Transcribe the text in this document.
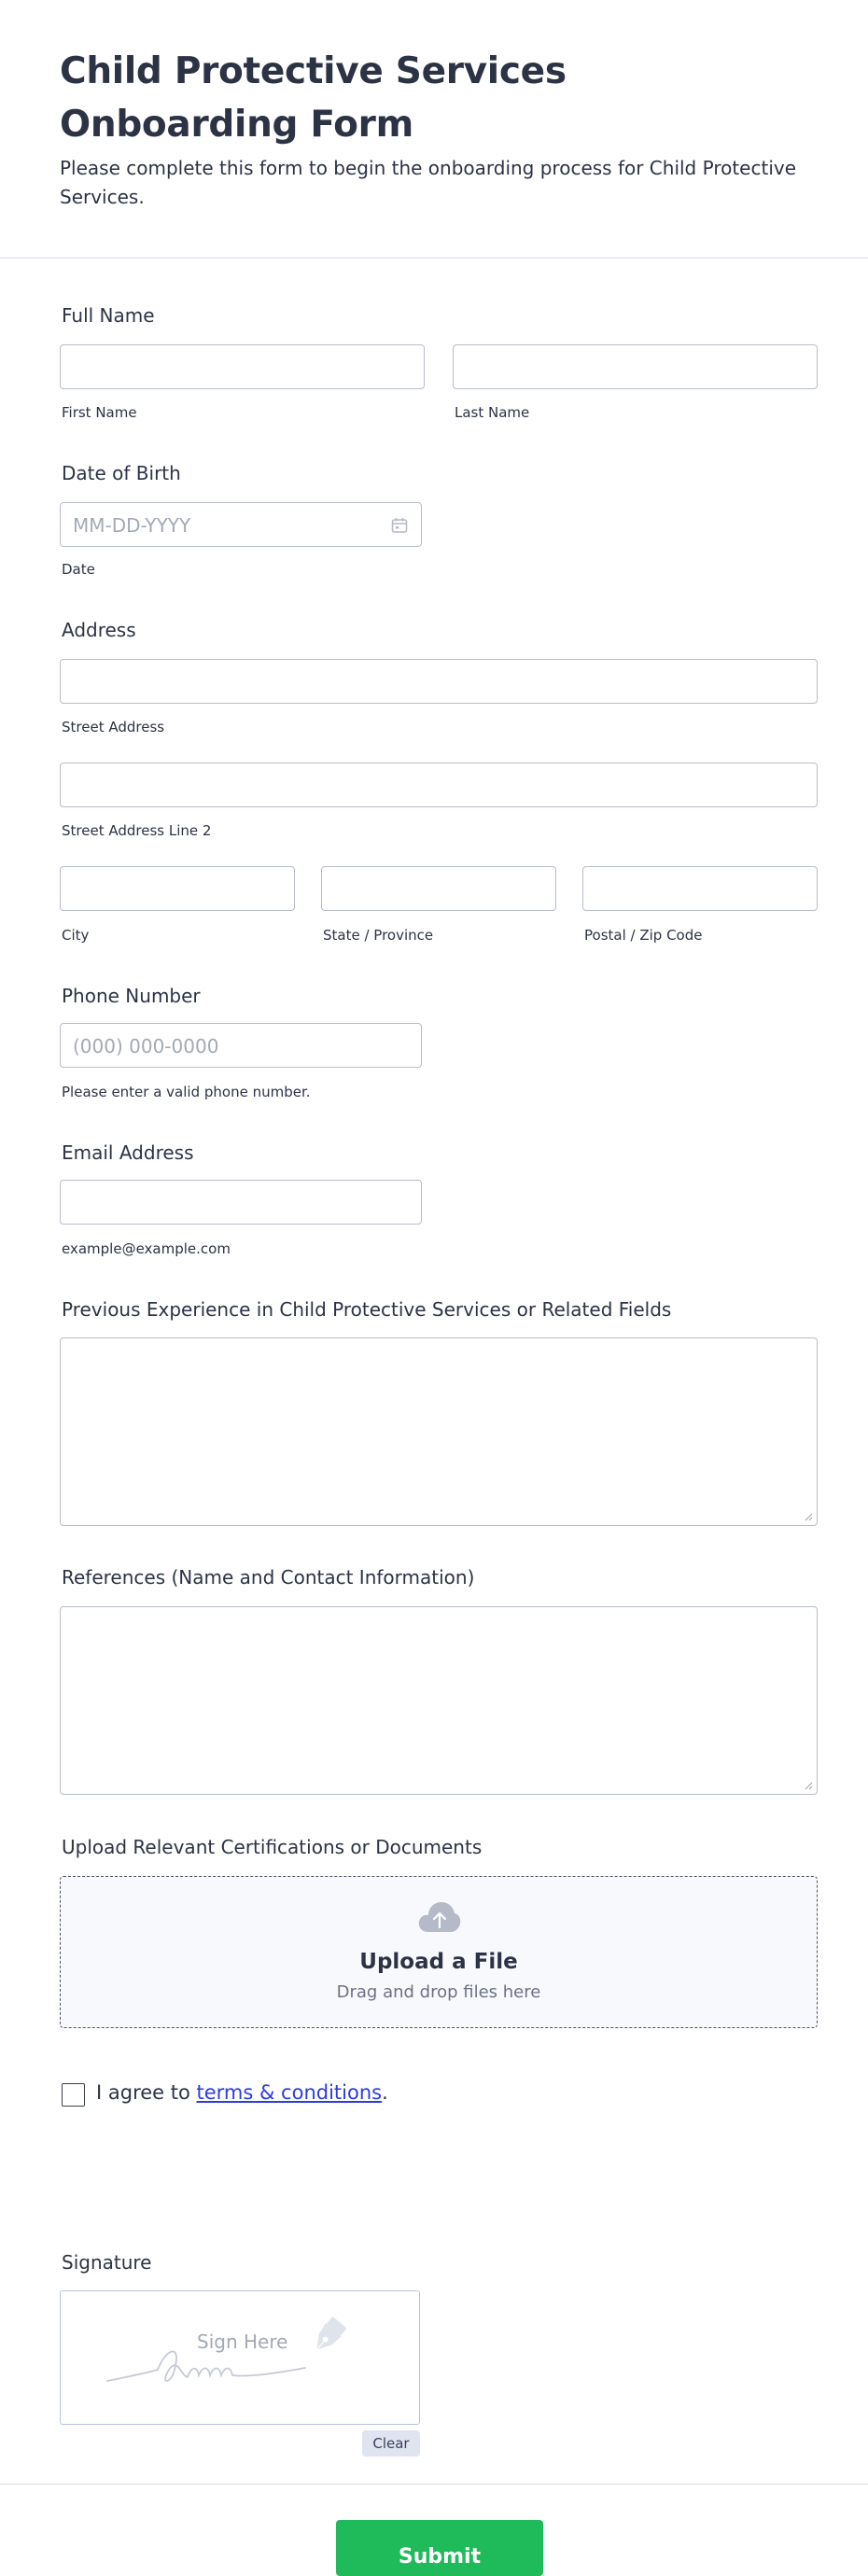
Child Protective Services Onboarding Form

Please complete this form to begin the onboarding process for Child Protective Services.

Full Name
First Name	Last Name
Date of Birth
MM-DD-YYYY
Date
Address
Street Address
Street Address Line 2
City	State / Province	Postal / Zip Code
Phone Number
(000) 000-0000
Please enter a valid phone number.
Email Address
example@example.com
Previous Experience in Child Protective Services or Related Fields
References (Name and Contact Information)
Upload Relevant Certifications or Documents
Upload a File
Drag and drop files here
I agree to terms & conditions.
Signature
Sign Here
Clear
Submit
